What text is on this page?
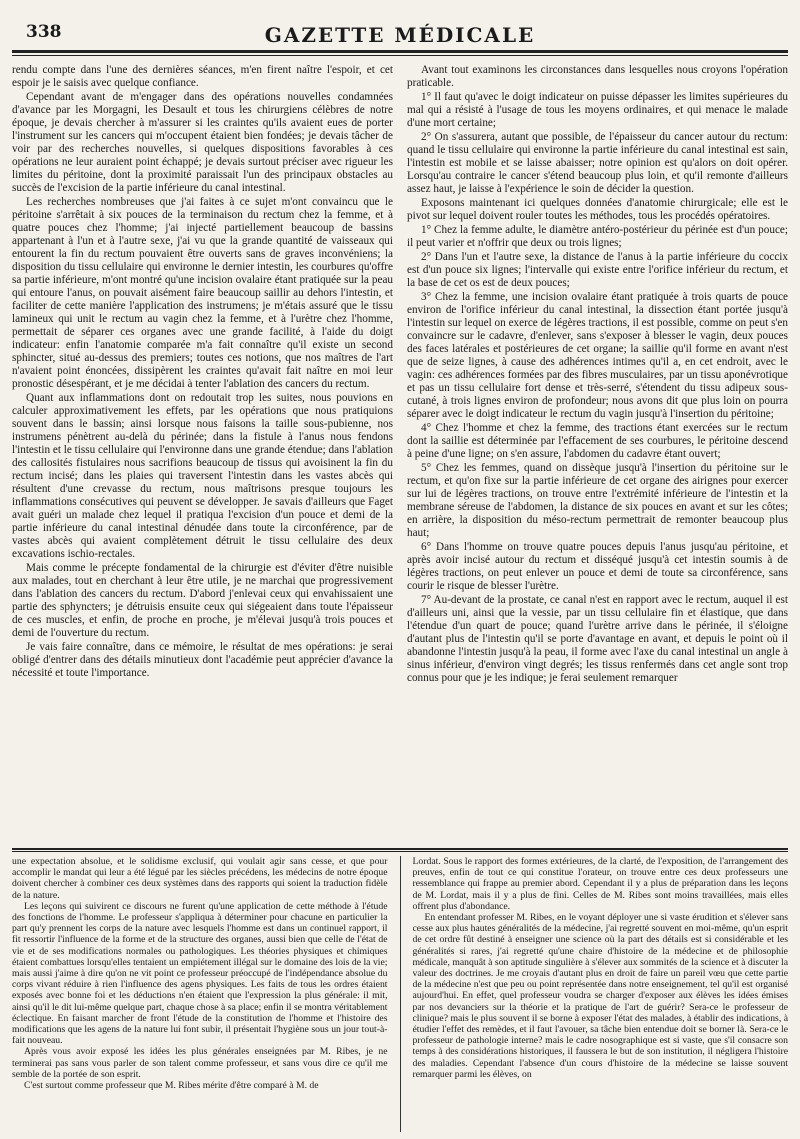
338	GAZETTE MÉDICALE

rendu compte dans l'une des dernières séances, m'en firent naître l'espoir, et cet espoir je le saisis avec quelque confiance.

Cependant avant de m'engager dans des opérations nouvelles condamnées d'avance par les Morgagni, les Desault et tous les chirurgiens célèbres de notre époque, je devais chercher à m'assurer si les craintes qu'ils avaient eues de porter l'instrument sur les cancers qui m'occupent étaient bien fondées; je devais tâcher de voir par des recherches nouvelles, si quelques dispositions favorables à ces opérations ne leur auraient point échappé; je devais surtout préciser avec rigueur les limites du péritoine, dont la proximité paraissait l'un des principaux obstacles au succès de l'excision de la partie inférieure du canal intestinal.

Les recherches nombreuses que j'ai faites à ce sujet m'ont convaincu que le péritoine s'arrêtait à six pouces de la terminaison du rectum chez la femme, et à quatre pouces chez l'homme; j'ai injecté partiellement beaucoup de bassins appartenant à l'un et à l'autre sexe, j'ai vu que la grande quantité de vaisseaux qui entourent la fin du rectum pouvaient être ouverts sans de graves inconvéniens; la disposition du tissu cellulaire qui environne le dernier intestin, les courbures qu'offre sa partie inférieure, m'ont montré qu'une incision ovalaire étant pratiquée sur la peau qui entoure l'anus, on pouvait aisément faire beaucoup saillir au dehors l'intestin, et faciliter de cette manière l'application des instrumens; je m'étais assuré que le tissu lamineux qui unit le rectum au vagin chez la femme, et à l'urètre chez l'homme, permettait de séparer ces organes avec une grande facilité, à l'aide du doigt indicateur: enfin l'anatomie comparée m'a fait connaître qu'il existe un second sphincter, situé au-dessus des premiers; toutes ces notions, que nos maîtres de l'art n'avaient point énoncées, dissipèrent les craintes qu'avait fait naître en moi leur pronostic désespérant, et je me décidai à tenter l'ablation des cancers du rectum.

Quant aux inflammations dont on redoutait trop les suites, nous pouvions en calculer approximativement les effets, par les opérations que nous pratiquions souvent dans le bassin; ainsi lorsque nous faisons la taille sous-pubienne, nos instrumens pénètrent au-delà du périnée; dans la fistule à l'anus nous fendons l'intestin et le tissu cellulaire qui l'environne dans une grande étendue; dans l'ablation des callosités fistulaires nous sacrifions beaucoup de tissus qui avoisinent la fin du rectum incisé; dans les plaies qui traversent l'intestin dans les vastes abcès qui résultent d'une crevasse du rectum, nous maîtrisons presque toujours les inflammations consécutives qui peuvent se développer. Je savais d'ailleurs que Faget avait guéri un malade chez lequel il pratiqua l'excision d'un pouce et demi de la partie inférieure du canal intestinal dénudée dans toute la circonférence, par de vastes abcès qui avaient complètement détruit le tissu cellulaire des deux excavations ischio-rectales.

Mais comme le précepte fondamental de la chirurgie est d'éviter d'être nuisible aux malades, tout en cherchant à leur être utile, je ne marchai que progressivement dans l'ablation des cancers du rectum. D'abord j'enlevai ceux qui envahissaient une partie des sphyncters; je détruisis ensuite ceux qui siégeaient dans toute l'épaisseur de ces muscles, et enfin, de proche en proche, je m'élevai jusqu'à trois pouces et demi de l'ouverture du rectum.

Je vais faire connaître, dans ce mémoire, le résultat de mes opérations: je serai obligé d'entrer dans des détails minutieux dont l'académie peut apprécier d'avance la nécessité et toute l'importance.

Avant tout examinons les circonstances dans lesquelles nous croyons l'opération praticable.

1° Il faut qu'avec le doigt indicateur on puisse dépasser les limites supérieures du mal qui a résisté à l'usage de tous les moyens ordinaires, et qui menace le malade d'une mort certaine;

2° On s'assurera, autant que possible, de l'épaisseur du cancer autour du rectum: quand le tissu cellulaire qui environne la partie inférieure du canal intestinal est sain, l'intestin est mobile et se laisse abaisser; notre opinion est qu'alors on doit opérer. Lorsqu'au contraire le cancer s'étend beaucoup plus loin, et qu'il remonte d'ailleurs assez haut, je laisse à l'expérience le soin de décider la question.

Exposons maintenant ici quelques données d'anatomie chirurgicale; elle est le pivot sur lequel doivent rouler toutes les méthodes, tous les procédés opératoires.

1° Chez la femme adulte, le diamètre antéro-postérieur du périnée est d'un pouce; il peut varier et n'offrir que deux ou trois lignes;

2° Dans l'un et l'autre sexe, la distance de l'anus à la partie inférieure du coccix est d'un pouce six lignes; l'intervalle qui existe entre l'orifice inférieur du rectum, et la base de cet os est de deux pouces;

3° Chez la femme, une incision ovalaire étant pratiquée à trois quarts de pouce environ de l'orifice inférieur du canal intestinal, la dissection étant portée jusqu'à l'intestin sur lequel on exerce de légères tractions, il est possible, comme on peut s'en convaincre sur le cadavre, d'enlever, sans s'exposer à blesser le vagin, deux pouces des faces latérales et postérieures de cet organe; la saillie qu'il forme en avant n'est que de seize lignes, à cause des adhérences intimes qu'il a, en cet endroit, avec le vagin: ces adhérences formées par des fibres musculaires, par un tissu aponévrotique et pas un tissu cellulaire fort dense et très-serré, s'étendent du tissu adipeux sous-cutané, à trois lignes environ de profondeur; nous avons dit que plus loin on pourra séparer avec le doigt indicateur le rectum du vagin jusqu'à l'insertion du péritoine;

4° Chez l'homme et chez la femme, des tractions étant exercées sur le rectum dont la saillie est déterminée par l'effacement de ses courbures, le péritoine descend à peine d'une ligne; on s'en assure, l'abdomen du cadavre étant ouvert;

5° Chez les femmes, quand on dissèque jusqu'à l'insertion du péritoine sur le rectum, et qu'on fixe sur la partie inférieure de cet organe des airignes pour exercer sur lui de légères tractions, on trouve entre l'extrémité inférieure de l'intestin et la membrane séreuse de l'abdomen, la distance de six pouces en avant et sur les côtes; en arrière, la disposition du méso-rectum permettrait de remonter beaucoup plus haut;

6° Dans l'homme on trouve quatre pouces depuis l'anus jusqu'au péritoine, et après avoir incisé autour du rectum et disséqué jusqu'à cet intestin soumis à de légères tractions, on peut enlever un pouce et demi de toute sa circonférence, sans courir le risque de blesser l'urètre.

7° Au-devant de la prostate, ce canal n'est en rapport avec le rectum, auquel il est d'ailleurs uni, ainsi que la vessie, par un tissu cellulaire fin et élastique, que dans l'étendue d'un quart de pouce; quand l'urètre arrive dans le périnée, il s'éloigne d'autant plus de l'intestin qu'il se porte d'avantage en avant, et depuis le point où il abandonne l'intestin jusqu'à la peau, il forme avec l'axe du canal intestinal un angle à sinus inférieur, d'environ vingt degrés; les tissus renfermés dans cet angle sont trop connus pour que je les indique; je ferai seulement remarquer

une expectation absolue, et le solidisme exclusif, qui voulait agir sans cesse, et que pour accomplir le mandat qui leur a été légué par les siècles précédens, les médecins de notre époque doivent chercher à combiner ces deux systèmes dans des rapports qui soient la traduction fidèle de la nature.

Les leçons qui suivirent ce discours ne furent qu'une application de cette méthode à l'étude des fonctions de l'homme. Le professeur s'appliqua à déterminer pour chacune en particulier la part qu'y prennent les corps de la nature avec lesquels l'homme est dans un continuel rapport, il fit ressortir l'influence de la forme et de la structure des organes, aussi bien que celle de l'état de vie et de ses modifications normales ou pathologiques. Les théories physiques et chimiques étaient combattues lorsqu'elles tentaient un empiétement illégal sur le domaine des lois de la vie; mais aussi j'aime à dire qu'on ne vit point ce professeur préoccupé de l'indépendance absolue du corps vivant réduire à rien l'influence des agens physiques. Les faits de tous les ordres étaient exposés avec bonne foi et les déductions n'en étaient que l'expression la plus générale: il mit, ainsi qu'il le dit lui-même quelque part, chaque chose à sa place; enfin il se montra véritablement éclectique. En faisant marcher de front l'étude de la constitution de l'homme et l'histoire des modifications que les agens de la nature lui font subir, il présentait l'hygiène sous un jour tout-à-fait nouveau.

Après vous avoir exposé les idées les plus générales enseignées par M. Ribes, je ne terminerai pas sans vous parler de son talent comme professeur, et sans vous dire ce qu'il me semble de la portée de son esprit.

C'est surtout comme professeur que M. Ribes mérite d'être comparé à M. de

Lordat. Sous le rapport des formes extérieures, de la clarté, de l'exposition, de l'arrangement des preuves, enfin de tout ce qui constitue l'orateur, on trouve entre ces deux professeurs une ressemblance qui frappe au premier abord. Cependant il y a plus de préparation dans les leçons de M. Lordat, mais il y a plus de fini. Celles de M. Ribes sont moins travaillées, mais elles offrent plus d'abondance.

En entendant professer M. Ribes, en le voyant déployer une si vaste érudition et s'élever sans cesse aux plus hautes généralités de la médecine, j'ai regretté souvent en moi-même, qu'un esprit de cet ordre fût destiné à enseigner une science où la part des détails est si considérable et les généralités si rares, j'ai regretté qu'une chaire d'histoire de la médecine et de philosophie médicale, manquât à son aptitude singulière à s'élever aux sommités de la science et à discuter la valeur des doctrines. Je me croyais d'autant plus en droit de faire un pareil vœu que cette partie de la médecine n'est que peu ou point représentée dans notre enseignement, tel qu'il est organisé aujourd'hui. En effet, quel professeur voudra se charger d'exposer aux élèves les idées émises par nos devanciers sur la théorie et la pratique de l'art de guérir? Sera-ce le professeur de clinique? mais le plus souvent il se borne à exposer l'état des malades, à établir des indications, à étudier l'effet des remèdes, et il faut l'avouer, sa tâche bien entendue doit se borner là. Sera-ce le professeur de pathologie interne? mais le cadre nosographique est si vaste, que s'il consacre son temps à des considérations historiques, il faussera le but de son institution, il négligera l'histoire des maladies. Cependant l'absence d'un cours d'histoire de la médecine se laisse souvent remarquer parmi les élèves, on
